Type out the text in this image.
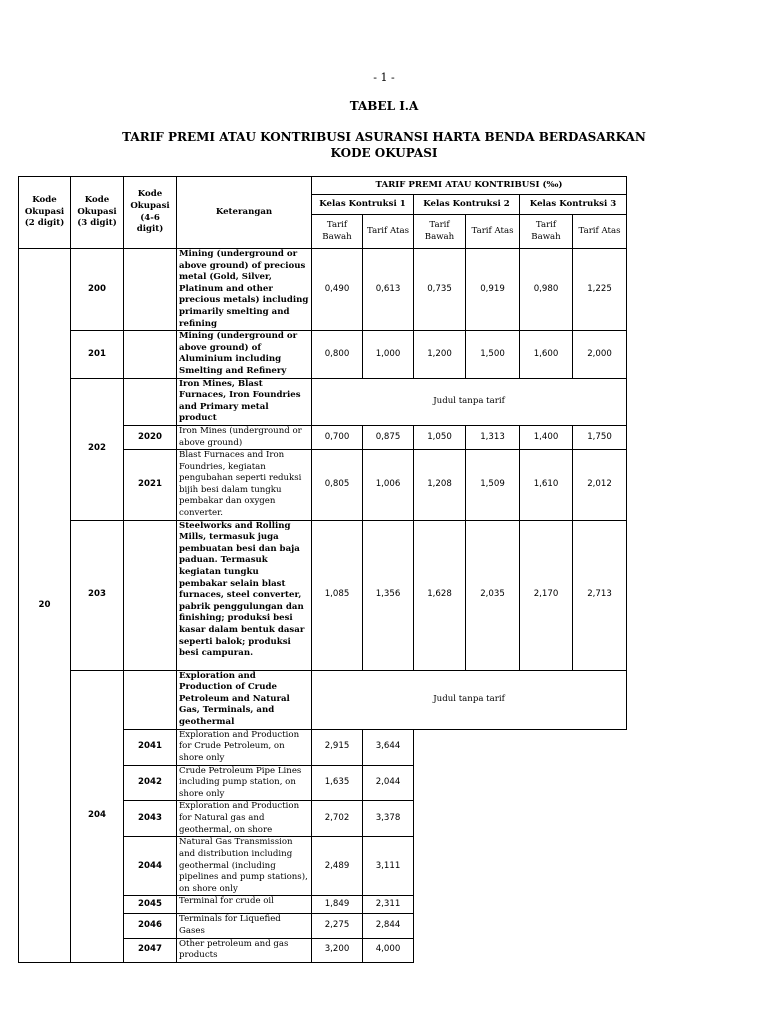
- 1 -
TABEL I.A
TARIF PREMI ATAU KONTRIBUSI ASURANSI HARTA BENDA BERDASARKAN
KODE OKUPASI
Kode Okupasi (2 digit)	Kode Okupasi (3 digit)	Kode Okupasi (4-6 digit)	Keterangan	TARIF PREMI ATAU KONTRIBUSI (‰)					
				Kelas Kontruksi 1		Kelas Kontruksi 2		Kelas Kontruksi 3	
				Tarif Bawah	Tarif Atas	Tarif Bawah	Tarif Atas	Tarif Bawah	Tarif Atas
20	200		Mining (underground or above ground) of precious metal (Gold, Silver, Platinum and other precious metals) including primarily smelting and refining	0,490	0,613	0,735	0,919	0,980	1,225
	201		Mining (underground or above ground) of Aluminium including Smelting and Refinery	0,800	1,000	1,200	1,500	1,600	2,000
	202		Iron Mines, Blast Furnaces, Iron Foundries and Primary metal product	Judul tanpa tarif					
		2020	Iron Mines (underground or above ground)	0,700	0,875	1,050	1,313	1,400	1,750
		2021	Blast Furnaces and Iron Foundries, kegiatan pengubahan seperti reduksi bijih besi dalam tungku pembakar dan oxygen converter.	0,805	1,006	1,208	1,509	1,610	2,012
	203		Steelworks and Rolling Mills, termasuk juga pembuatan besi dan baja paduan. Termasuk kegiatan tungku pembakar selain blast furnaces, steel converter, pabrik penggulungan dan finishing; produksi besi kasar dalam bentuk dasar seperti balok; produksi besi campuran.	1,085	1,356	1,628	2,035	2,170	2,713
	204		Exploration and Production of Crude Petroleum and Natural Gas, Terminals, and geothermal	Judul tanpa tarif					
		2041	Exploration and Production for Crude Petroleum, on shore only	2,915	3,644				
		2042	Crude Petroleum Pipe Lines including pump station, on shore only	1,635	2,044				
		2043	Exploration and Production for Natural gas and geothermal, on shore	2,702	3,378				
		2044	Natural Gas Transmission and distribution including geothermal (including pipelines and pump stations), on shore only	2,489	3,111				
		2045	Terminal for crude oil	1,849	2,311				
		2046	Terminals for Liquefied Gases	2,275	2,844				
		2047	Other petroleum and gas products	3,200	4,000				
